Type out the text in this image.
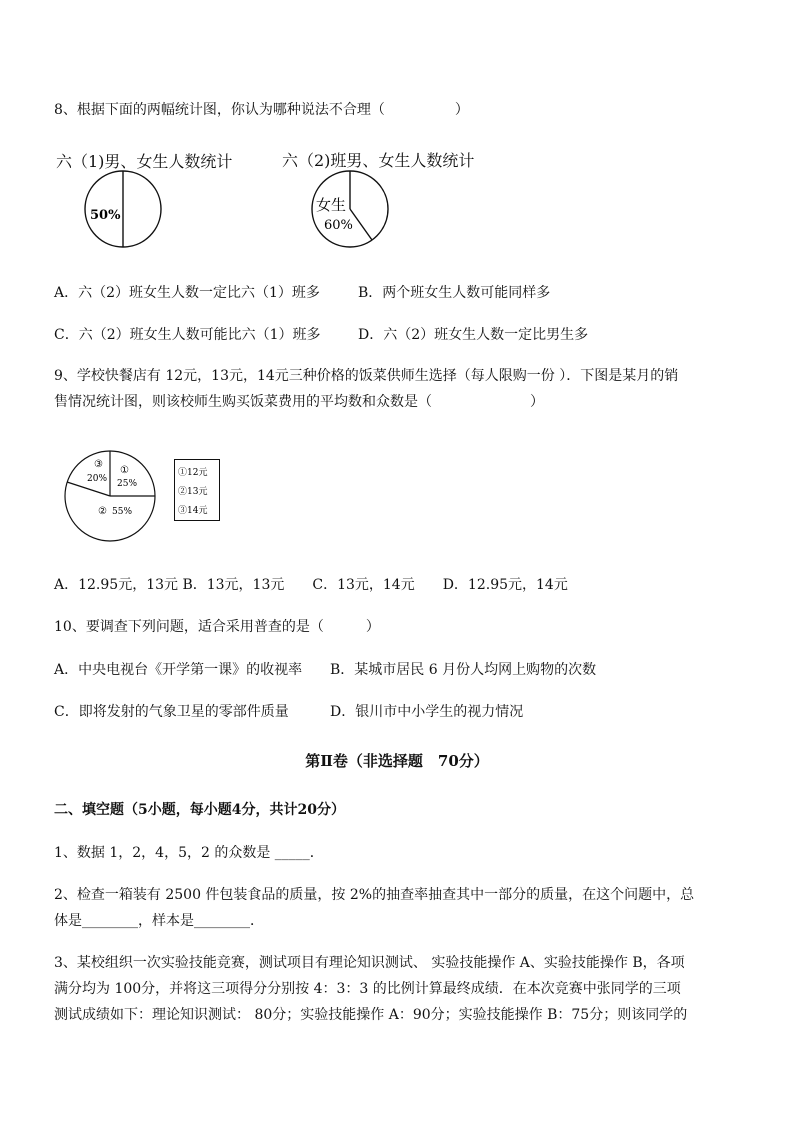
8、根据下面的两幅统计图，你认为哪种说法不合理（　　　　　）
六（1)男、女生人数统计	六（2)班男、女生人数统计
50%
女生
60%
A．六（2）班女生人数一定比六（1）班多	B．两个班女生人数可能同样多
C．六（2）班女生人数可能比六（1）班多	D．六（2）班女生人数一定比男生多
9、学校快餐店有 12元，13元，14元三种价格的饭菜供师生选择（每人限购一份 ）．下图是某月的销
售情况统计图，则该校师生购买饭菜费用的平均数和众数是（　　　　　　　）
①
25%
③
20%
② 55%
①12元
②13元
③14元
A．12.95元，13元 B．13元，13元　　C．13元，14元　　D．12.95元，14元
10、要调查下列问题，适合采用普查的是（　　　）
A．中央电视台《开学第一课》的收视率 B．某城市居民 6 月份人均网上购物的次数
C．即将发射的气象卫星的零部件质量	D．银川市中小学生的视力情况
第Ⅱ卷（非选择题　70分）
二、填空题（5小题，每小题4分，共计20分）
1、数据 1，2，4，5，2 的众数是 _____．
2、检查一箱装有 2500 件包装食品的质量，按 2%的抽查率抽查其中一部分的质量，在这个问题中，总
体是________，样本是________．
3、某校组织一次实验技能竞赛，测试项目有理论知识测试、 实验技能操作 A、实验技能操作 B，各项
满分均为 100分，并将这三项得分分别按 4：3：3 的比例计算最终成绩．在本次竞赛中张同学的三项
测试成绩如下：理论知识测试： 80分；实验技能操作 A：90分；实验技能操作 B：75分；则该同学的
